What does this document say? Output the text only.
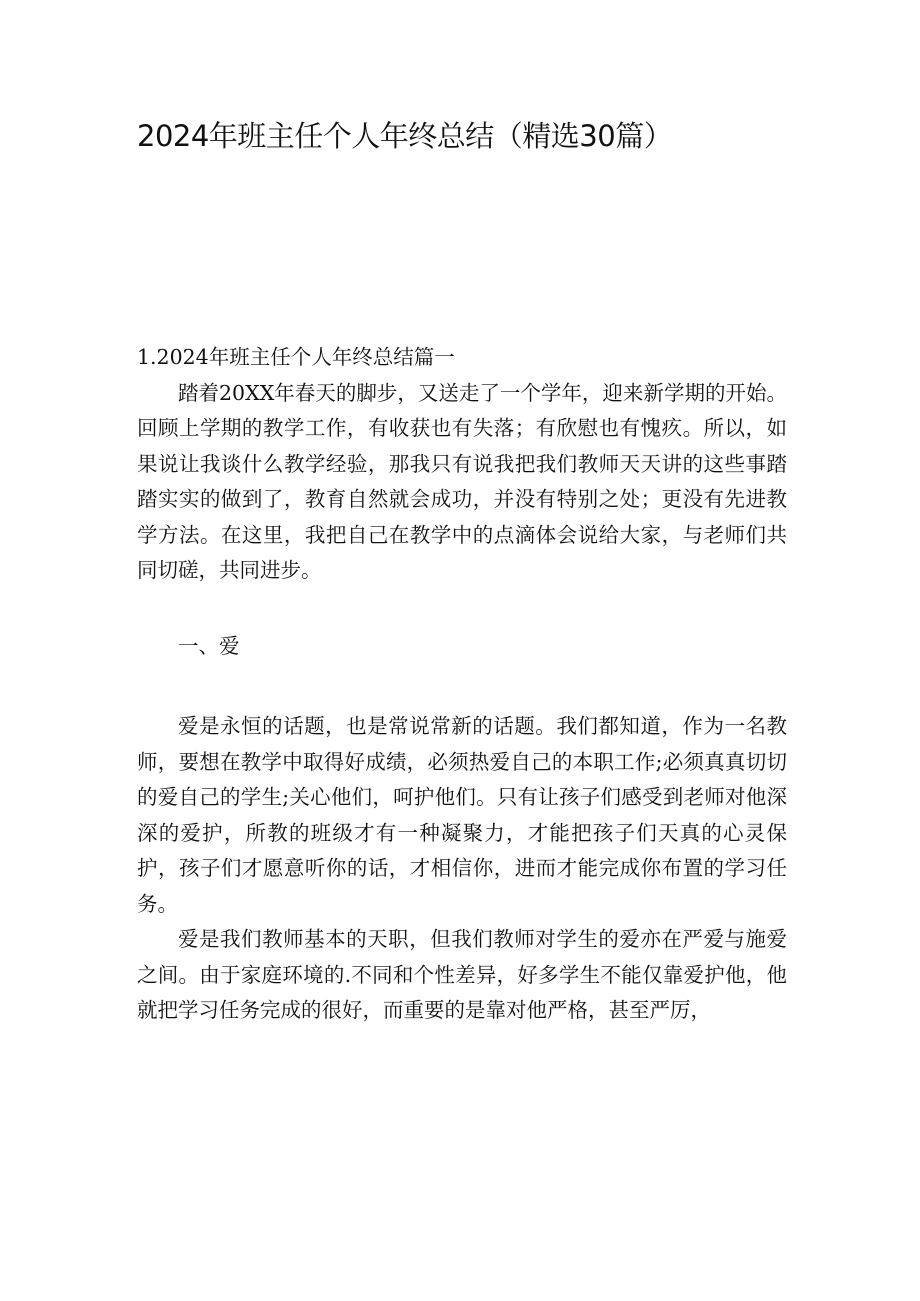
2024年班主任个人年终总结（精选30篇）
1.2024年班主任个人年终总结篇一

踏着20XX年春天的脚步，又送走了一个学年，迎来新学期的开始。回顾上学期的教学工作，有收获也有失落；有欣慰也有愧疚。所以，如果说让我谈什么教学经验，那我只有说我把我们教师天天讲的这些事踏踏实实的做到了，教育自然就会成功，并没有特别之处；更没有先进教学方法。在这里，我把自己在教学中的点滴体会说给大家，与老师们共同切磋，共同进步。

一、爱

爱是永恒的话题，也是常说常新的话题。我们都知道，作为一名教师，要想在教学中取得好成绩，必须热爱自己的本职工作;必须真真切切的爱自己的学生;关心他们，呵护他们。只有让孩子们感受到老师对他深深的爱护，所教的班级才有一种凝聚力，才能把孩子们天真的心灵保护，孩子们才愿意听你的话，才相信你，进而才能完成你布置的学习任务。

爱是我们教师基本的天职，但我们教师对学生的爱亦在严爱与施爱之间。由于家庭环境的.不同和个性差异，好多学生不能仅靠爱护他，他就把学习任务完成的很好，而重要的是靠对他严格，甚至严厉，
